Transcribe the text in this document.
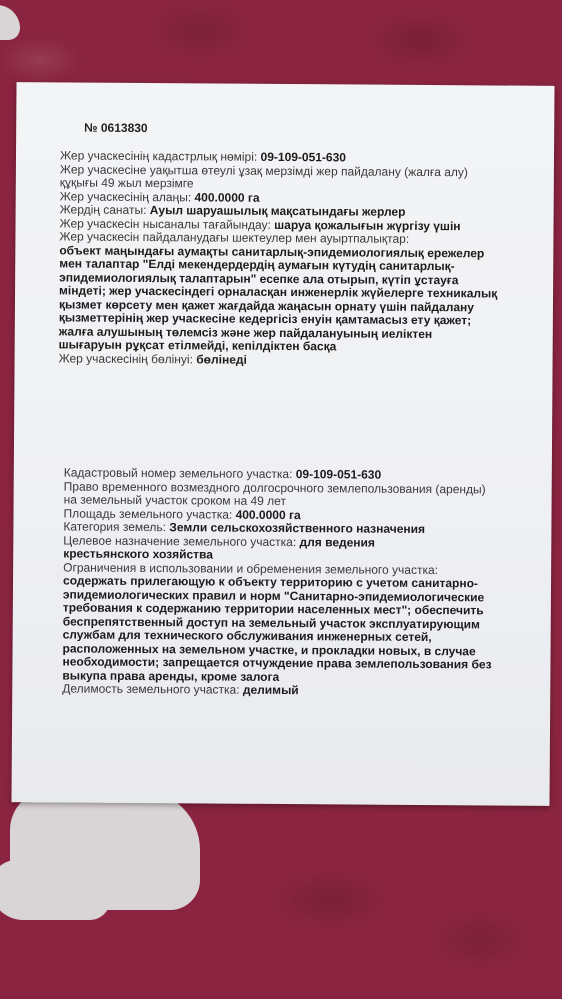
№ 0613830
Жер учаскесінің кадастрлық нөмірі: 09-109-051-630
Жер учаскесіне уақытша өтеулі ұзақ мерзімді жер пайдалану (жалға алу)
құқығы 49 жыл мерзімге
Жер учаскесінің алаңы: 400.0000 га
Жердің санаты: Ауыл шаруашылық мақсатындағы жерлер
Жер учаскесін нысаналы тағайындау: шаруа қожалығын жүргізу үшін
Жер учаскесін пайдаланудағы шектеулер мен ауыртпалықтар:
объект маңындағы аумақты санитарлық-эпидемиологиялық ережелер
мен талаптар "Елді мекендердердің аумағын күтудің санитарлық-
эпидемиологиялық талаптарын" есепке ала отырып, күтіп ұстауға
міндеті; жер учаскесіндегі орналасқан инженерлік жүйелерге техникалық
қызмет көрсету мен қажет жағдайда жаңасын орнату үшін пайдалану
қызметтерінің жер учаскесіне кедергісіз енуін қамтамасыз ету қажет;
жалға алушының төлемсіз және жер пайдалануының иеліктен
шығаруын рұқсат етілмейді, кепілдіктен басқа
Жер учаскесінің бөлінуі: бөлінеді
Кадастровый номер земельного участка: 09-109-051-630
Право временного возмездного долгосрочного землепользования (аренды)
на земельный участок сроком на 49 лет
Площадь земельного участка: 400.0000 га
Категория земель: Земли сельскохозяйственного назначения
Целевое назначение земельного участка: для ведения
крестьянского хозяйства
Ограничения в использовании и обременения земельного участка:
содержать прилегающую к объекту территорию с учетом санитарно-
эпидемиологических правил и норм "Санитарно-эпидемиологические
требования к содержанию территории населенных мест"; обеспечить
беспрепятственный доступ на земельный участок эксплуатирующим
службам для технического обслуживания инженерных сетей,
расположенных на земельном участке, и прокладки новых, в случае
необходимости; запрещается отчуждение права землепользования без
выкупа права аренды, кроме залога
Делимость земельного участка: делимый
